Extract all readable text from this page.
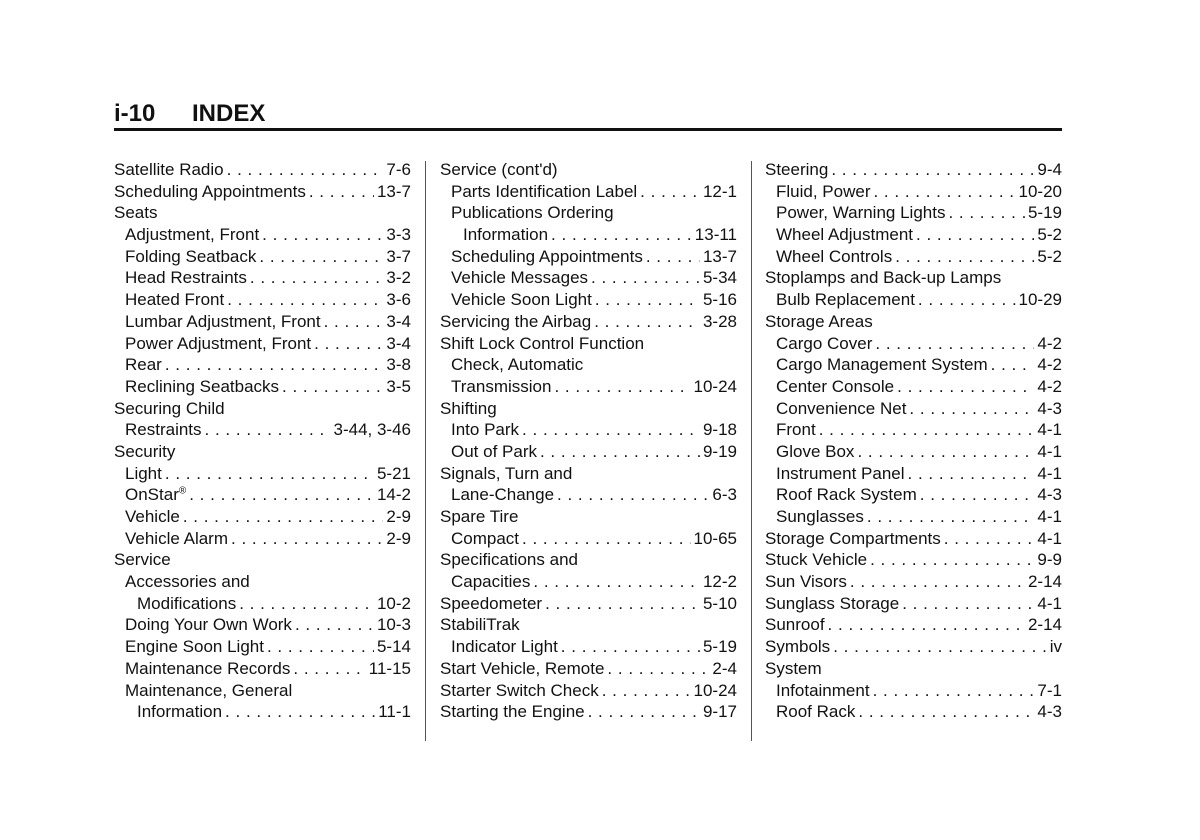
i-10 INDEX
Satellite Radio . . .	7-6
Scheduling Appointments . . .	13-7
Seats
Adjustment, Front . . .	3-3
Folding Seatback . . .	3-7
Head Restraints . . .	3-2
Heated Front . . .	3-6
Lumbar Adjustment, Front . . .	3-4
Power Adjustment, Front . . .	3-4
Rear . . .	3-8
Reclining Seatbacks . . .	3-5
Securing Child
Restraints . . .	3-44, 3-46
Security
Light . . .	5-21
OnStar® . . .	14-2
Vehicle . . .	2-9
Vehicle Alarm . . .	2-9
Service
Accessories and
Modifications . . .	10-2
Doing Your Own Work . . .	10-3
Engine Soon Light . . .	5-14
Maintenance Records . . .	11-15
Maintenance, General
Information . . .	11-1
Service (cont'd)
Parts Identification Label . . .	12-1
Publications Ordering
Information . . .	13-11
Scheduling Appointments . . .	13-7
Vehicle Messages . . .	5-34
Vehicle Soon Light . . .	5-16
Servicing the Airbag . . .	3-28
Shift Lock Control Function
Check, Automatic
Transmission . . .	10-24
Shifting
Into Park . . .	9-18
Out of Park . . .	9-19
Signals, Turn and
Lane-Change . . .	6-3
Spare Tire
Compact . . .	10-65
Specifications and
Capacities . . .	12-2
Speedometer . . .	5-10
StabiliTrak
Indicator Light . . .	5-19
Start Vehicle, Remote . . .	2-4
Starter Switch Check . . .	10-24
Starting the Engine . . .	9-17
Steering . . .	9-4
Fluid, Power . . .	10-20
Power, Warning Lights . . .	5-19
Wheel Adjustment . . .	5-2
Wheel Controls . . .	5-2
Stoplamps and Back-up Lamps
Bulb Replacement . . .	10-29
Storage Areas
Cargo Cover . . .	4-2
Cargo Management System . . .	4-2
Center Console . . .	4-2
Convenience Net . . .	4-3
Front . . .	4-1
Glove Box . . .	4-1
Instrument Panel . . .	4-1
Roof Rack System . . .	4-3
Sunglasses . . .	4-1
Storage Compartments . . .	4-1
Stuck Vehicle . . .	9-9
Sun Visors . . .	2-14
Sunglass Storage . . .	4-1
Sunroof . . .	2-14
Symbols . . .	iv
System
Infotainment . . .	7-1
Roof Rack . . .	4-3
